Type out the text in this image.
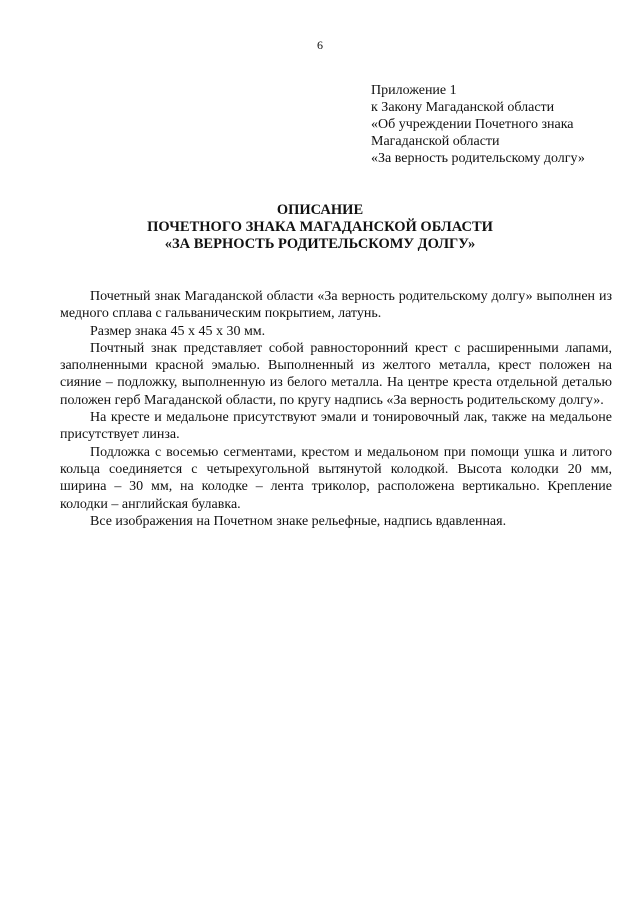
6
Приложение 1
к Закону Магаданской области
«Об учреждении Почетного знака
Магаданской области
«За верность родительскому долгу»
ОПИСАНИЕ
ПОЧЕТНОГО ЗНАКА МАГАДАНСКОЙ ОБЛАСТИ
«ЗА ВЕРНОСТЬ РОДИТЕЛЬСКОМУ ДОЛГУ»

Почетный знак Магаданской области «За верность родительскому долгу» выполнен из медного сплава с гальваническим покрытием, латунь.

Размер знака 45 х 45 х 30 мм.

Почтный знак представляет собой равносторонний крест с расширенными лапами, заполненными красной эмалью. Выполненный из желтого металла, крест положен на сияние – подложку, выполненную из белого металла. На центре креста отдельной деталью положен герб Магаданской области, по кругу надпись «За верность родительскому долгу».

На кресте и медальоне присутствуют эмали и тонировочный лак, также на медальоне присутствует линза.

Подложка с восемью сегментами, крестом и медальоном при помощи ушка и литого кольца соединяется с четырехугольной вытянутой колодкой. Высота колодки 20 мм, ширина – 30 мм, на колодке – лента триколор, расположена вертикально. Крепление колодки – английская булавка.

Все изображения на Почетном знаке рельефные, надпись вдавленная.
